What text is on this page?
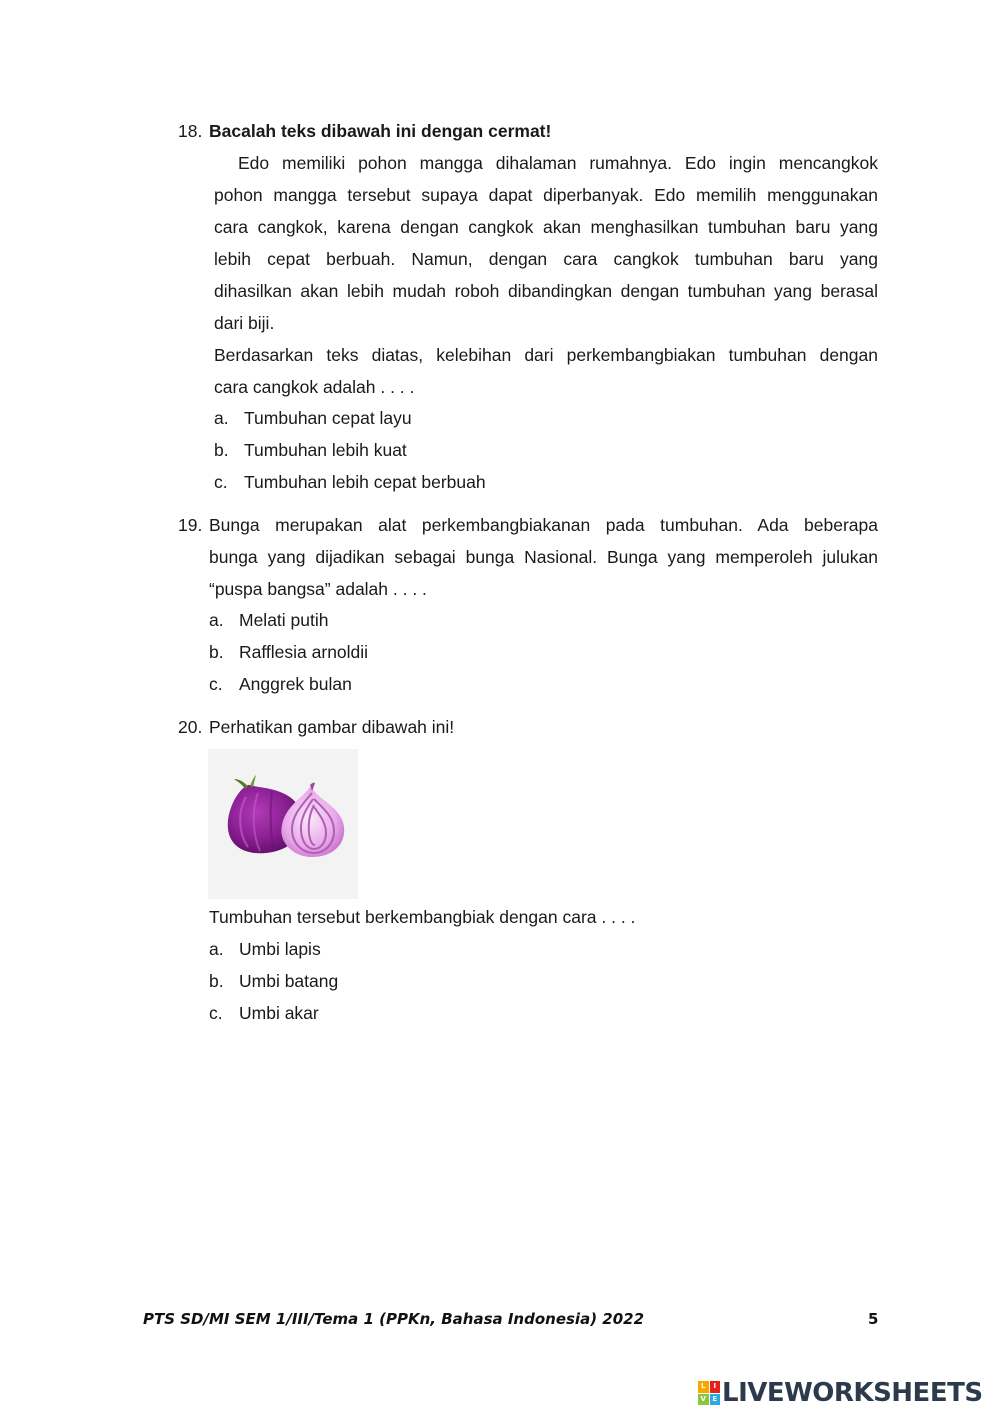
18. Bacalah teks dibawah ini dengan cermat!
Edo memiliki pohon mangga dihalaman rumahnya. Edo ingin mencangkok
pohon mangga tersebut supaya dapat diperbanyak. Edo memilih menggunakan
cara cangkok, karena dengan cangkok akan menghasilkan tumbuhan baru yang
lebih cepat berbuah. Namun, dengan cara cangkok tumbuhan baru yang
dihasilkan akan lebih mudah roboh dibandingkan dengan tumbuhan yang berasal
dari biji.
Berdasarkan teks diatas, kelebihan dari perkembangbiakan tumbuhan dengan
cara cangkok adalah . . . .
a. Tumbuhan cepat layu
b. Tumbuhan lebih kuat
c. Tumbuhan lebih cepat berbuah
19. Bunga merupakan alat perkembangbiakanan pada tumbuhan. Ada beberapa
bunga yang dijadikan sebagai bunga Nasional. Bunga yang memperoleh julukan
“puspa bangsa” adalah . . . .
a. Melati putih
b. Rafflesia arnoldii
c. Anggrek bulan
20. Perhatikan gambar dibawah ini!
Tumbuhan tersebut berkembangbiak dengan cara . . . .
a. Umbi lapis
b. Umbi batang
c. Umbi akar
PTS SD/MI SEM 1/III/Tema 1 (PPKn, Bahasa Indonesia) 2022	5
L	I
V E LIVEWORKSHEETS
